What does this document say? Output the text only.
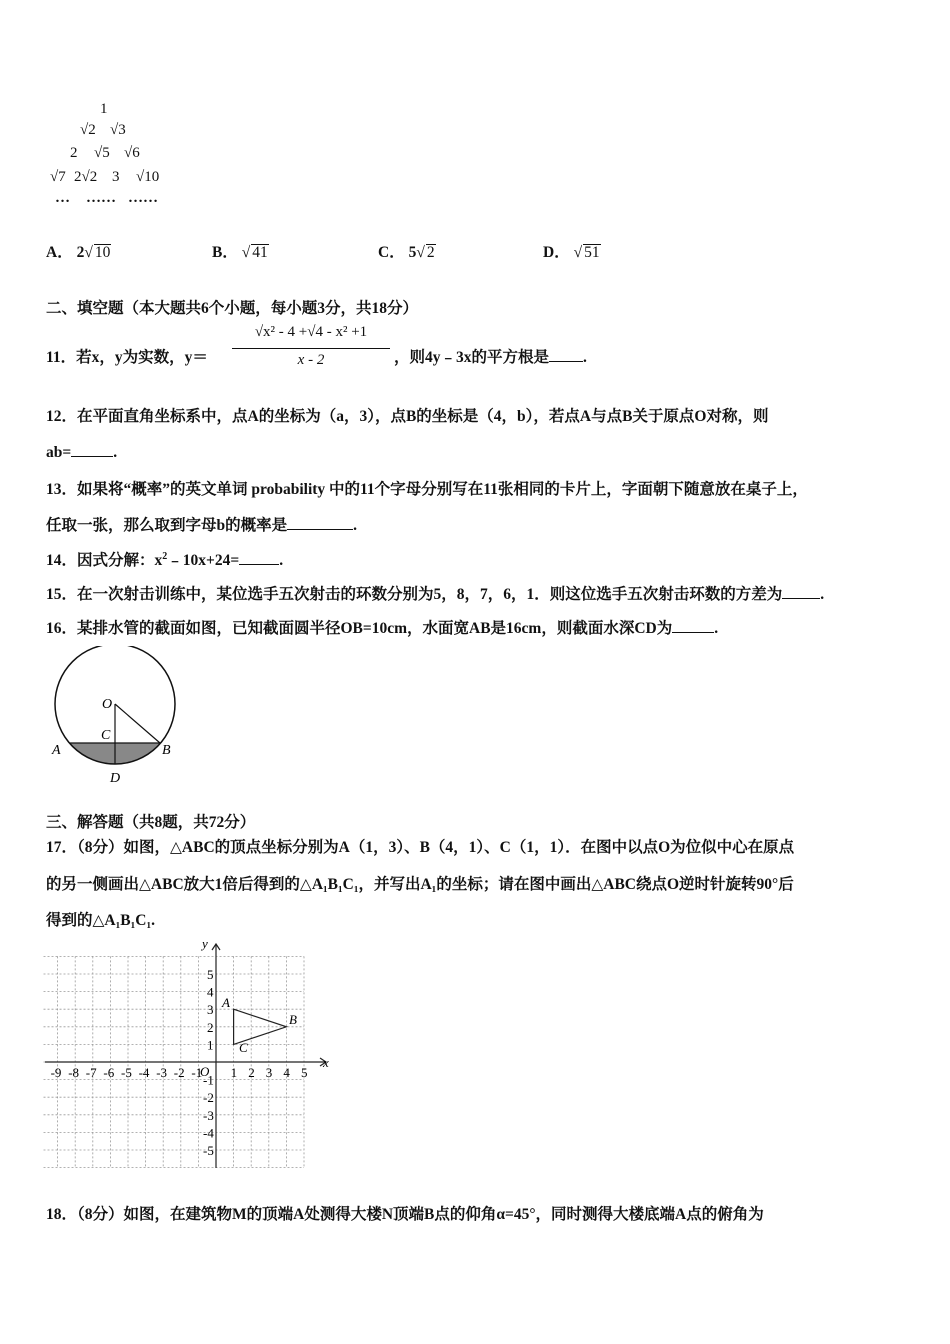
1
√2 √3
2 √5 √6
√7 2√2 3 √10
… …… ……
A． 2√ 10	B． √ 41	C． 5√ 2	D． √ 51
二、填空题（本大题共6个小题，每小题3分，共18分）
11．若x，y为实数，y＝
√x² - 4 +√4 - x² +1
x - 2	，则4y﹣3x的平方根是 .
12．在平面直角坐标系中，点A的坐标为（a，3），点B的坐标是（4，b），若点A与点B关于原点O对称，则
ab=	.
13．如果将“概率”的英文单词 probability 中的11个字母分别写在11张相同的卡片上，字面朝下随意放在桌子上，
任取一张，那么取到字母b的概率是	.
14．因式分解：$x^2﹣10x+24=$	.
15．在一次射击训练中，某位选手五次射击的环数分别为5，8，7，6，1．则这位选手五次射击环数的方差为 .
16．某排水管的截面如图，已知截面圆半径OB=10cm，水面宽AB是16cm，则截面水深CD为	.
O
C
A	B
D
三、解答题（共8题，共72分）
17．（8分）如图，△ABC的顶点坐标分别为A（1，3）、B（4，1）、C（1，1）．在图中以点O为位似中心在原点
的另一侧画出△ABC放大1倍后得到的△A₁B₁C₁，并写出A₁的坐标；请在图中画出△ABC绕点O逆时针旋转90°后
得到的△A₁B₁C₁.
x
y
O
-9 -8 -7 -6 -5 -4 -3 -2 -1 1 2 3 4 5
5
4
3
2
1
-1
-2
-3
-4
-5
A
B
C
18．（8分）如图，在建筑物M的顶端A处测得大楼N顶端B点的仰角α=45°，同时测得大楼底端A点的俯角为
